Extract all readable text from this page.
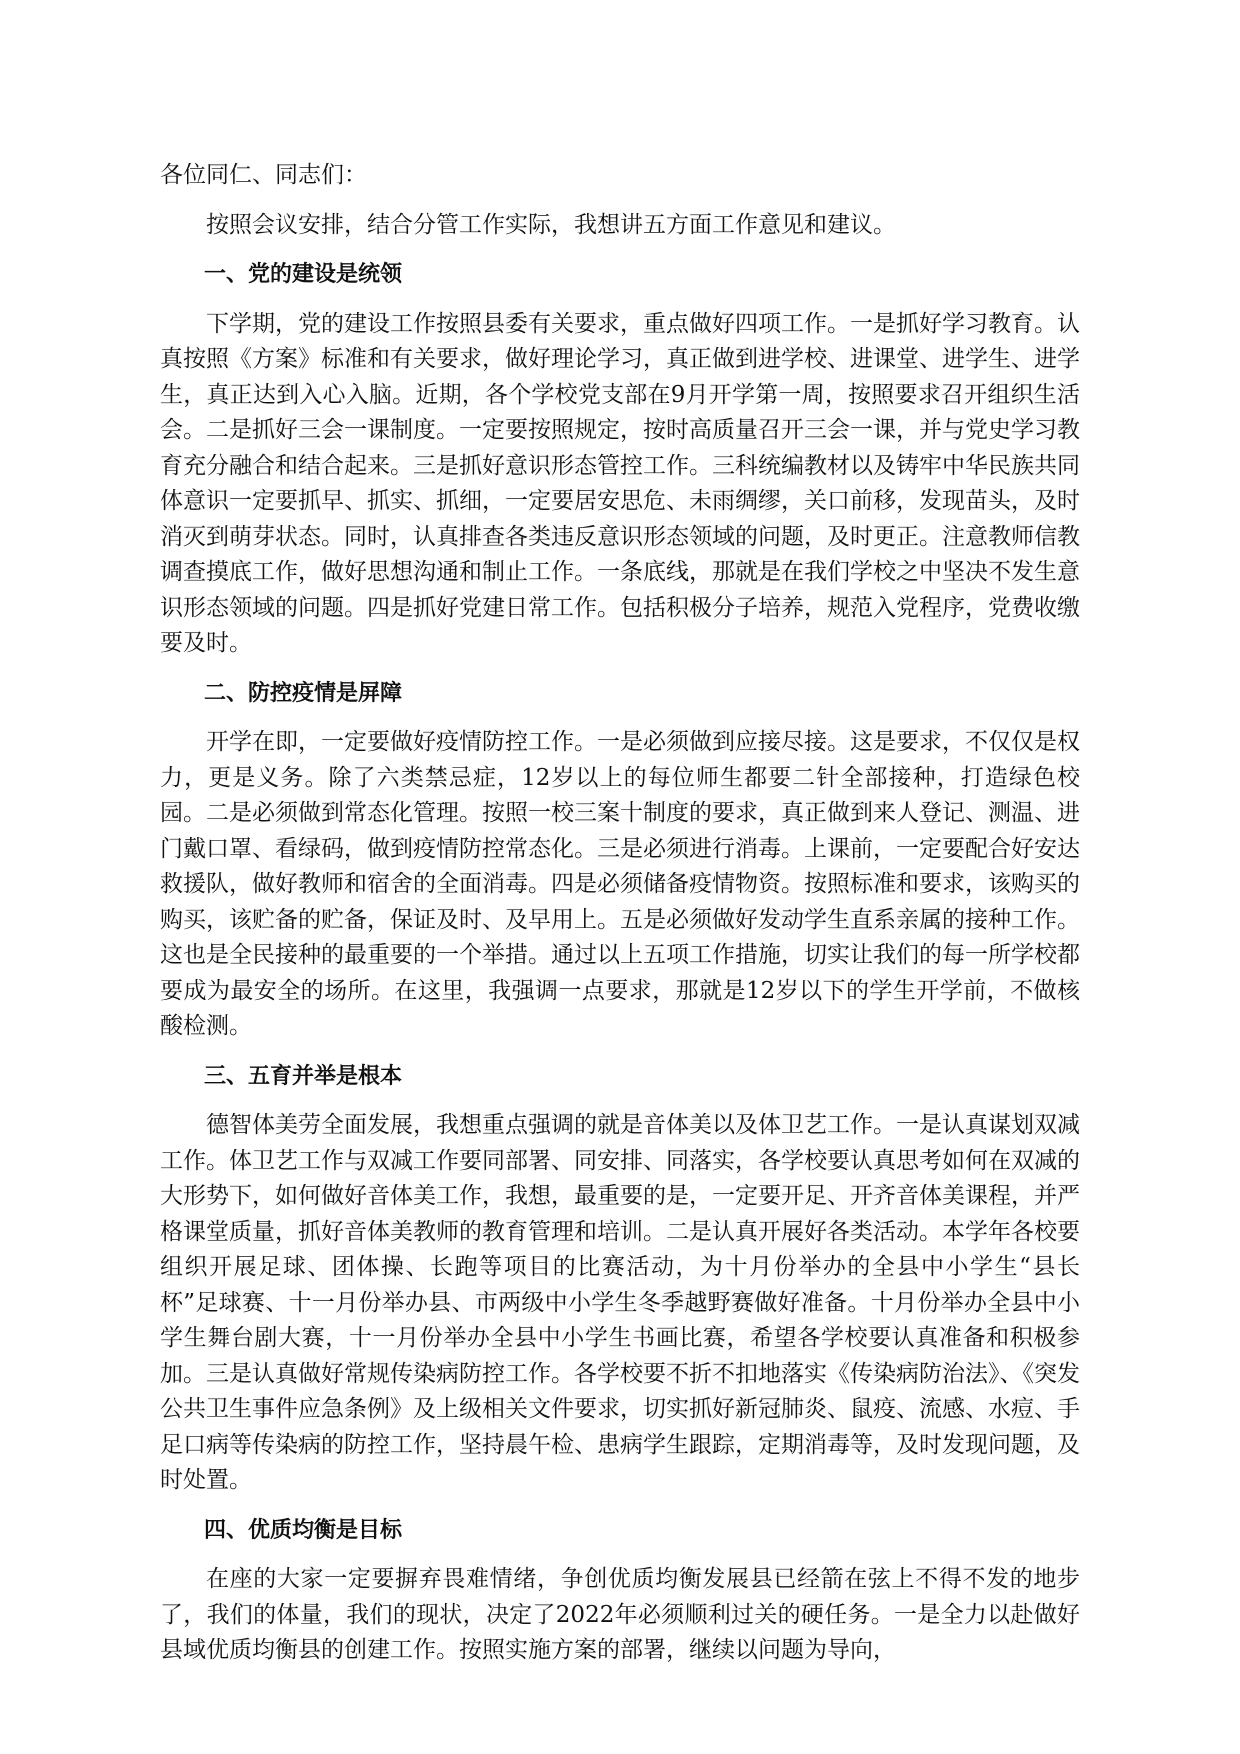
各位同仁、同志们：

按照会议安排，结合分管工作实际，我想讲五方面工作意见和建议。

一、党的建设是统领

下学期，党的建设工作按照县委有关要求，重点做好四项工作。一是抓好学习教育。认真按照《方案》标准和有关要求，做好理论学习，真正做到进学校、进课堂、进学生、进学生，真正达到入心入脑。近期，各个学校党支部在9月开学第一周，按照要求召开组织生活会。二是抓好三会一课制度。一定要按照规定，按时高质量召开三会一课，并与党史学习教育充分融合和结合起来。三是抓好意识形态管控工作。三科统编教材以及铸牢中华民族共同体意识一定要抓早、抓实、抓细，一定要居安思危、未雨绸缪，关口前移，发现苗头，及时消灭到萌芽状态。同时，认真排查各类违反意识形态领域的问题，及时更正。注意教师信教调查摸底工作，做好思想沟通和制止工作。一条底线，那就是在我们学校之中坚决不发生意识形态领域的问题。四是抓好党建日常工作。包括积极分子培养，规范入党程序，党费收缴要及时。

二、防控疫情是屏障

开学在即，一定要做好疫情防控工作。一是必须做到应接尽接。这是要求，不仅仅是权力，更是义务。除了六类禁忌症，12岁以上的每位师生都要二针全部接种，打造绿色校园。二是必须做到常态化管理。按照一校三案十制度的要求，真正做到来人登记、测温、进门戴口罩、看绿码，做到疫情防控常态化。三是必须进行消毒。上课前，一定要配合好安达救援队，做好教师和宿舍的全面消毒。四是必须储备疫情物资。按照标准和要求，该购买的购买，该贮备的贮备，保证及时、及早用上。五是必须做好发动学生直系亲属的接种工作。这也是全民接种的最重要的一个举措。通过以上五项工作措施，切实让我们的每一所学校都要成为最安全的场所。在这里，我强调一点要求，那就是12岁以下的学生开学前，不做核酸检测。

三、五育并举是根本

德智体美劳全面发展，我想重点强调的就是音体美以及体卫艺工作。一是认真谋划双减工作。体卫艺工作与双减工作要同部署、同安排、同落实，各学校要认真思考如何在双减的大形势下，如何做好音体美工作，我想，最重要的是，一定要开足、开齐音体美课程，并严格课堂质量，抓好音体美教师的教育管理和培训。二是认真开展好各类活动。本学年各校要组织开展足球、团体操、长跑等项目的比赛活动，为十月份举办的全县中小学生“县长杯”足球赛、十一月份举办县、市两级中小学生冬季越野赛做好准备。十月份举办全县中小学生舞台剧大赛，十一月份举办全县中小学生书画比赛，希望各学校要认真准备和积极参加。三是认真做好常规传染病防控工作。各学校要不折不扣地落实《传染病防治法》、《突发公共卫生事件应急条例》及上级相关文件要求，切实抓好新冠肺炎、鼠疫、流感、水痘、手足口病等传染病的防控工作，坚持晨午检、患病学生跟踪，定期消毒等，及时发现问题，及时处置。

四、优质均衡是目标

在座的大家一定要摒弃畏难情绪，争创优质均衡发展县已经箭在弦上不得不发的地步了，我们的体量，我们的现状，决定了2022年必须顺利过关的硬任务。一是全力以赴做好县域优质均衡县的创建工作。按照实施方案的部署，继续以问题为导向，
